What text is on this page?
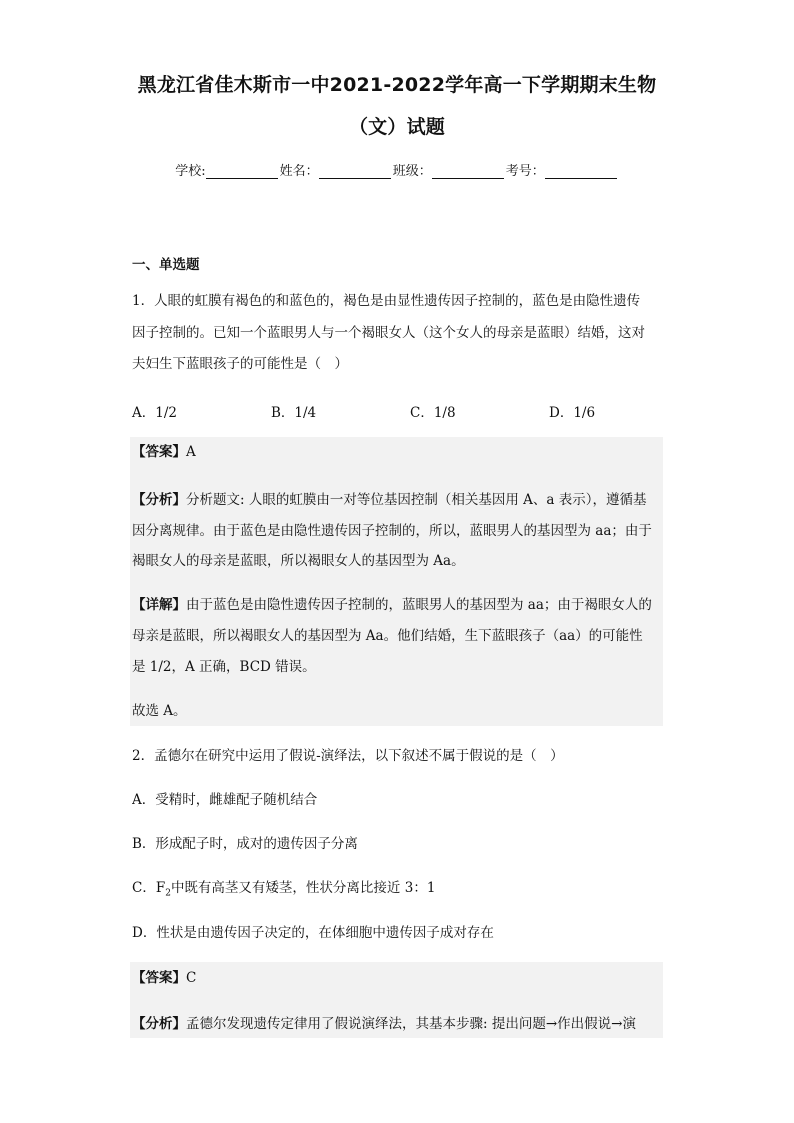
黑龙江省佳木斯市一中2021-2022学年高一下学期期末生物
（文）试题
学校:	姓名：	班级：	考号：
一、单选题

1．人眼的虹膜有褐色的和蓝色的，褐色是由显性遗传因子控制的，蓝色是由隐性遗传

因子控制的。已知一个蓝眼男人与一个褐眼女人（这个女人的母亲是蓝眼）结婚，这对

夫妇生下蓝眼孩子的可能性是（　）

A．1/2	B．1/4	C．1/8	D．1/6

【答案】A

【分析】分析题文: 人眼的虹膜由一对等位基因控制（相关基因用 A、a 表示），遵循基

因分离规律。由于蓝色是由隐性遗传因子控制的，所以，蓝眼男人的基因型为 aa；由于

褐眼女人的母亲是蓝眼，所以褐眼女人的基因型为 Aa。

【详解】由于蓝色是由隐性遗传因子控制的，蓝眼男人的基因型为 aa；由于褐眼女人的

母亲是蓝眼，所以褐眼女人的基因型为 Aa。他们结婚，生下蓝眼孩子（aa）的可能性

是 1/2，A 正确，BCD 错误。

故选 A。

2．孟德尔在研究中运用了假说-演绎法，以下叙述不属于假说的是（　）

A．受精时，雌雄配子随机结合

B．形成配子时，成对的遗传因子分离

C．$F_2$中既有高茎又有矮茎，性状分离比接近 3：1

D．性状是由遗传因子决定的，在体细胞中遗传因子成对存在

【答案】C

【分析】孟德尔发现遗传定律用了假说演绎法，其基本步骤: 提出问题→作出假说→演
